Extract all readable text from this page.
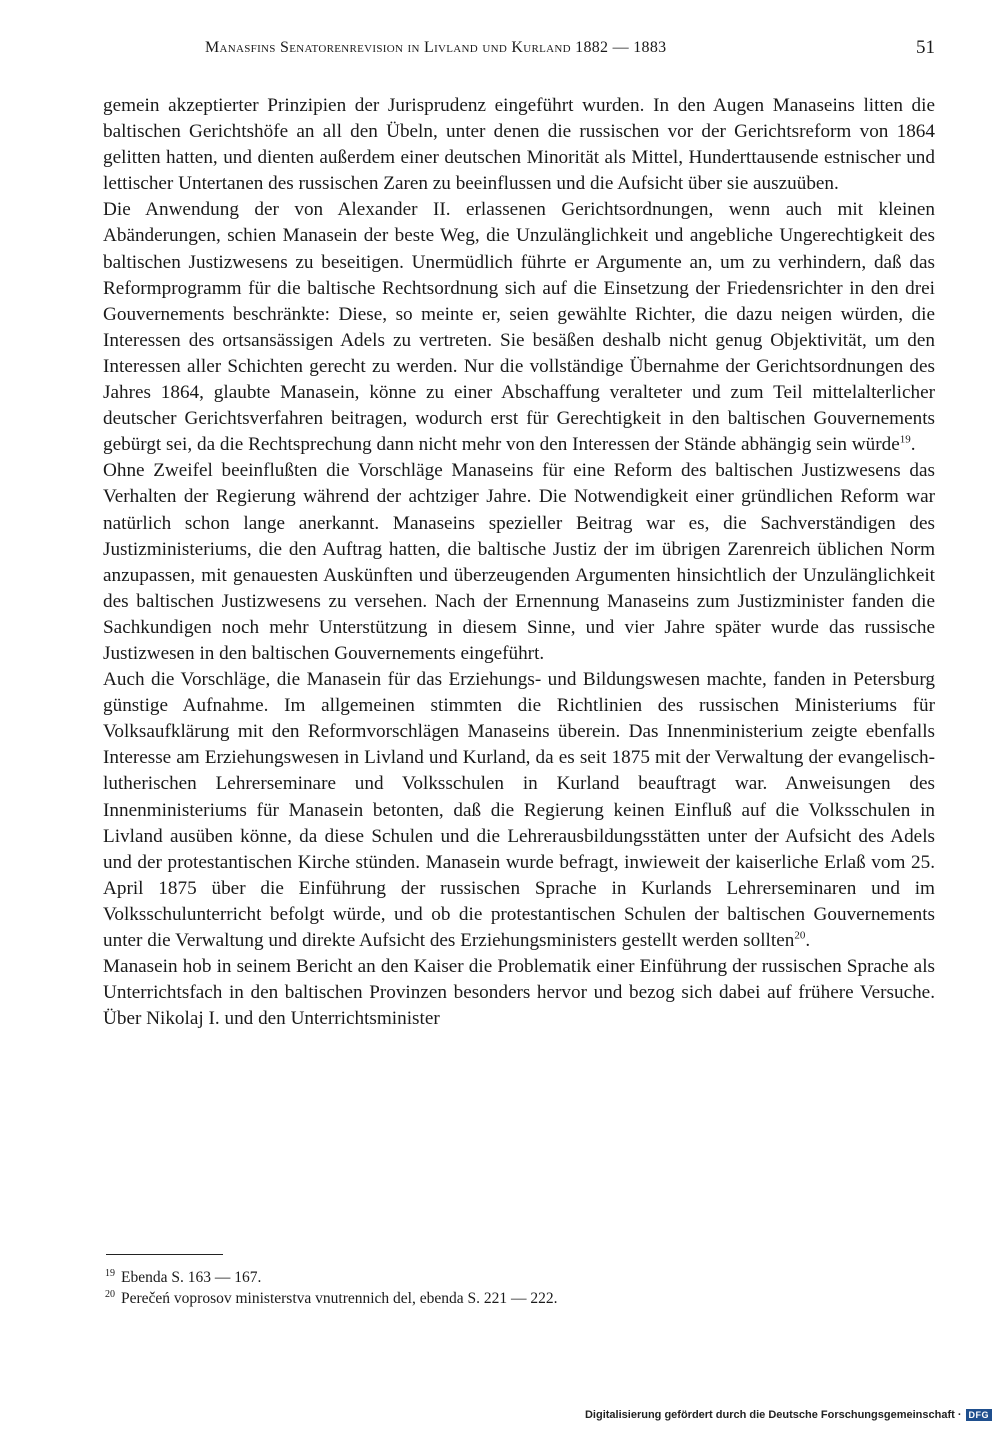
Manasfins Senatorenrevision in Livland und Kurland 1882 — 1883	51

gemein akzeptierter Prinzipien der Jurisprudenz eingeführt wurden. In den Augen Manaseins litten die baltischen Gerichtshöfe an all den Übeln, unter denen die russischen vor der Gerichtsreform von 1864 gelitten hatten, und dienten außerdem einer deutschen Minorität als Mittel, Hunderttausende estnischer und lettischer Untertanen des russischen Zaren zu beeinflussen und die Aufsicht über sie auszuüben.

Die Anwendung der von Alexander II. erlassenen Gerichtsordnungen, wenn auch mit kleinen Abänderungen, schien Manasein der beste Weg, die Unzulänglichkeit und angebliche Ungerechtigkeit des baltischen Justizwesens zu beseitigen. Unermüdlich führte er Argumente an, um zu verhindern, daß das Reformprogramm für die baltische Rechtsordnung sich auf die Einsetzung der Friedensrichter in den drei Gouvernements beschränkte: Diese, so meinte er, seien gewählte Richter, die dazu neigen würden, die Interessen des ortsansässigen Adels zu vertreten. Sie besäßen deshalb nicht genug Objektivität, um den Interessen aller Schichten gerecht zu werden. Nur die vollständige Übernahme der Gerichtsordnungen des Jahres 1864, glaubte Manasein, könne zu einer Abschaffung veralteter und zum Teil mittelalterlicher deutscher Gerichtsverfahren beitragen, wodurch erst für Gerechtigkeit in den baltischen Gouvernements gebürgt sei, da die Rechtsprechung dann nicht mehr von den Interessen der Stände abhängig sein würde$^{19}$.

Ohne Zweifel beeinflußten die Vorschläge Manaseins für eine Reform des baltischen Justizwesens das Verhalten der Regierung während der achtziger Jahre. Die Notwendigkeit einer gründlichen Reform war natürlich schon lange anerkannt. Manaseins spezieller Beitrag war es, die Sachverständigen des Justizministeriums, die den Auftrag hatten, die baltische Justiz der im übrigen Zarenreich üblichen Norm anzupassen, mit genauesten Auskünften und überzeugenden Argumenten hinsichtlich der Unzulänglichkeit des baltischen Justizwesens zu versehen. Nach der Ernennung Manaseins zum Justizminister fanden die Sachkundigen noch mehr Unterstützung in diesem Sinne, und vier Jahre später wurde das russische Justizwesen in den baltischen Gouvernements eingeführt.

Auch die Vorschläge, die Manasein für das Erziehungs- und Bildungswesen machte, fanden in Petersburg günstige Aufnahme. Im allgemeinen stimmten die Richtlinien des russischen Ministeriums für Volksaufklärung mit den Reformvorschlägen Manaseins überein. Das Innenministerium zeigte ebenfalls Interesse am Erziehungswesen in Livland und Kurland, da es seit 1875 mit der Verwaltung der evangelisch-lutherischen Lehrerseminare und Volksschulen in Kurland beauftragt war. Anweisungen des Innenministeriums für Manasein betonten, daß die Regierung keinen Einfluß auf die Volksschulen in Livland ausüben könne, da diese Schulen und die Lehrerausbildungsstätten unter der Aufsicht des Adels und der protestantischen Kirche stünden. Manasein wurde befragt, inwieweit der kaiserliche Erlaß vom 25. April 1875 über die Einführung der russischen Sprache in Kurlands Lehrerseminaren und im Volksschulunterricht befolgt würde, und ob die protestantischen Schulen der baltischen Gouvernements unter die Verwaltung und direkte Aufsicht des Erziehungsministers gestellt werden sollten$^{20}$.

Manasein hob in seinem Bericht an den Kaiser die Problematik einer Einführung der russischen Sprache als Unterrichtsfach in den baltischen Provinzen besonders hervor und bezog sich dabei auf frühere Versuche. Über Nikolaj I. und den Unterrichtsminister

$^{19}$ Ebenda S. 163 — 167.
$^{20}$ Perečeń voprosov ministerstva vnutrennich del, ebenda S. 221 — 222.
Digitalisierung gefördert durch die Deutsche Forschungsgemeinschaft · DFG
